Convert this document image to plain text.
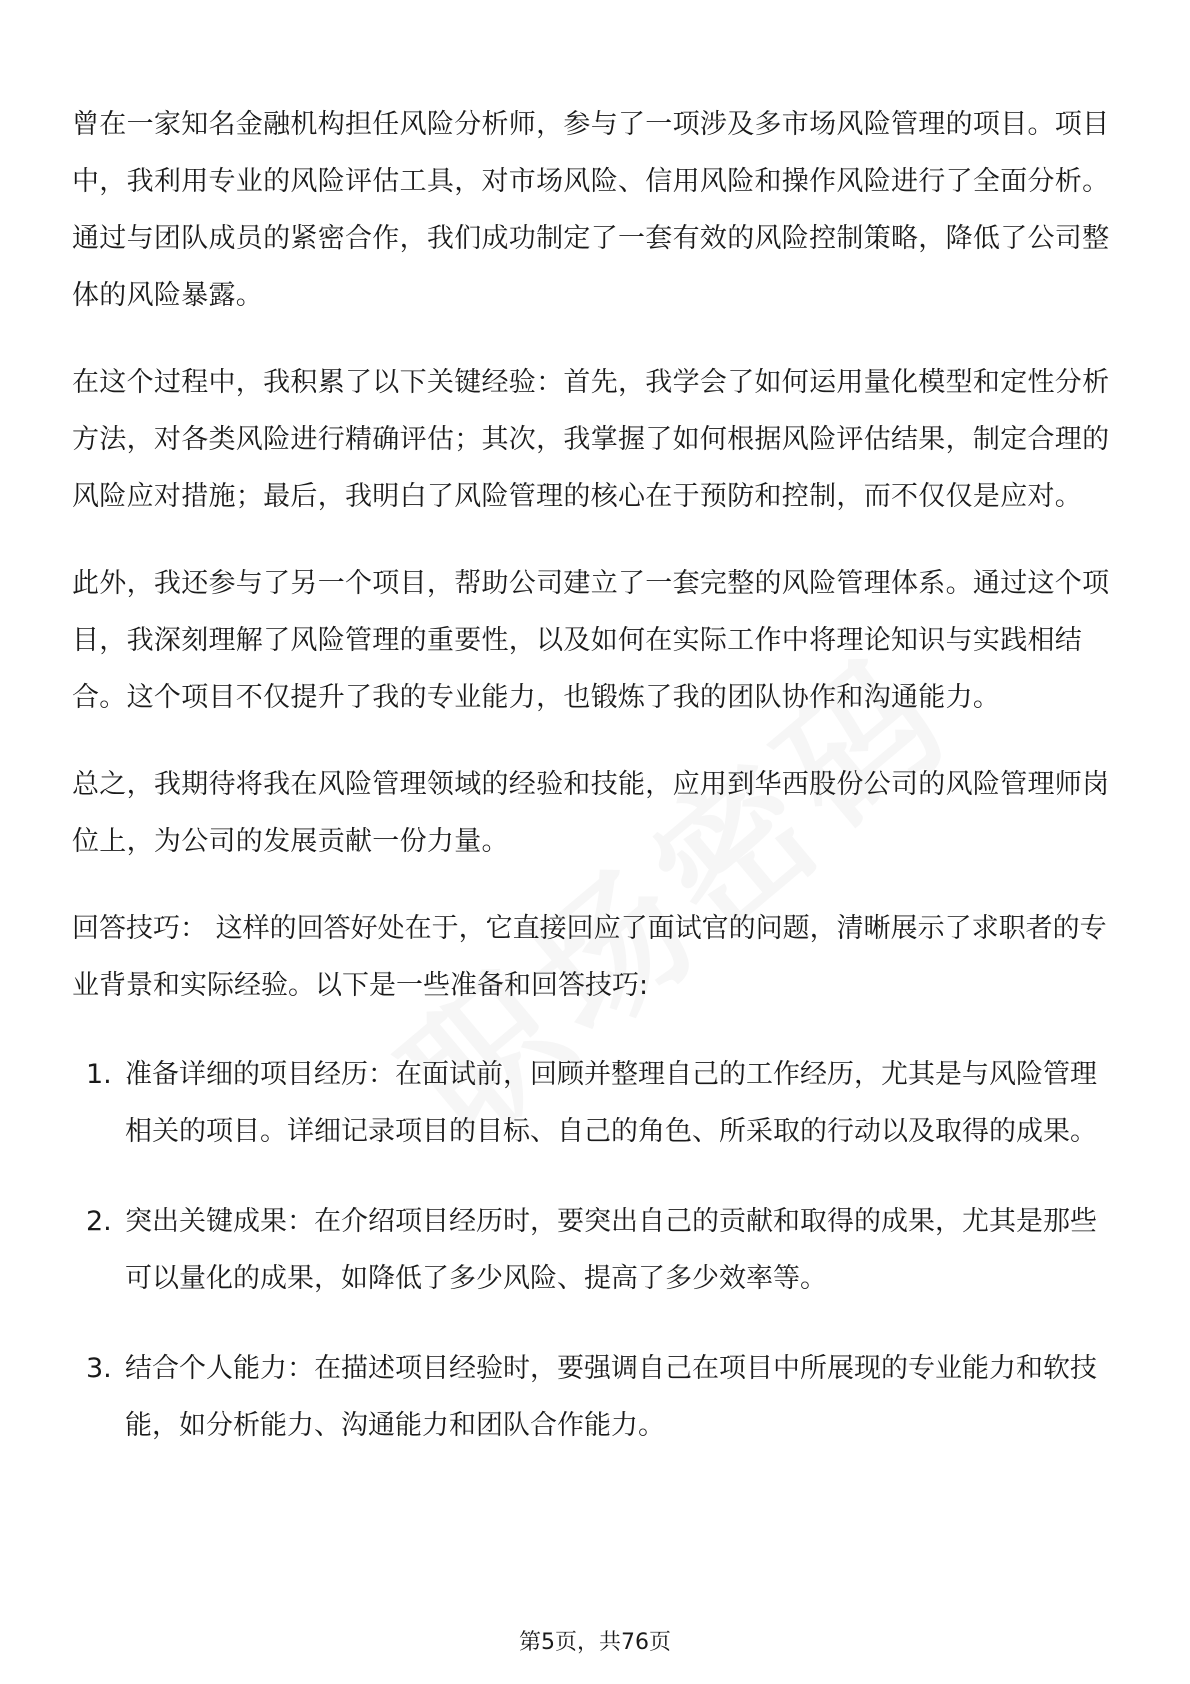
曾在一家知名金融机构担任风险分析师，参与了一项涉及多市场风险管理的项目。项目中，我利用专业的风险评估工具，对市场风险、信用风险和操作风险进行了全面分析。通过与团队成员的紧密合作，我们成功制定了一套有效的风险控制策略，降低了公司整体的风险暴露。

在这个过程中，我积累了以下关键经验：首先，我学会了如何运用量化模型和定性分析方法，对各类风险进行精确评估；其次，我掌握了如何根据风险评估结果，制定合理的风险应对措施；最后，我明白了风险管理的核心在于预防和控制，而不仅仅是应对。

此外，我还参与了另一个项目，帮助公司建立了一套完整的风险管理体系。通过这个项目，我深刻理解了风险管理的重要性，以及如何在实际工作中将理论知识与实践相结合。这个项目不仅提升了我的专业能力，也锻炼了我的团队协作和沟通能力。

总之，我期待将我在风险管理领域的经验和技能，应用到华西股份公司的风险管理师岗位上，为公司的发展贡献一份力量。

回答技巧： 这样的回答好处在于，它直接回应了面试官的问题，清晰展示了求职者的专业背景和实际经验。以下是一些准备和回答技巧:

1. 准备详细的项目经历：在面试前，回顾并整理自己的工作经历，尤其是与风险管理相关的项目。详细记录项目的目标、自己的角色、所采取的行动以及取得的成果。
2. 突出关键成果：在介绍项目经历时，要突出自己的贡献和取得的成果，尤其是那些可以量化的成果，如降低了多少风险、提高了多少效率等。
3. 结合个人能力：在描述项目经验时，要强调自己在项目中所展现的专业能力和软技能，如分析能力、沟通能力和团队合作能力。
第5页，共76页
